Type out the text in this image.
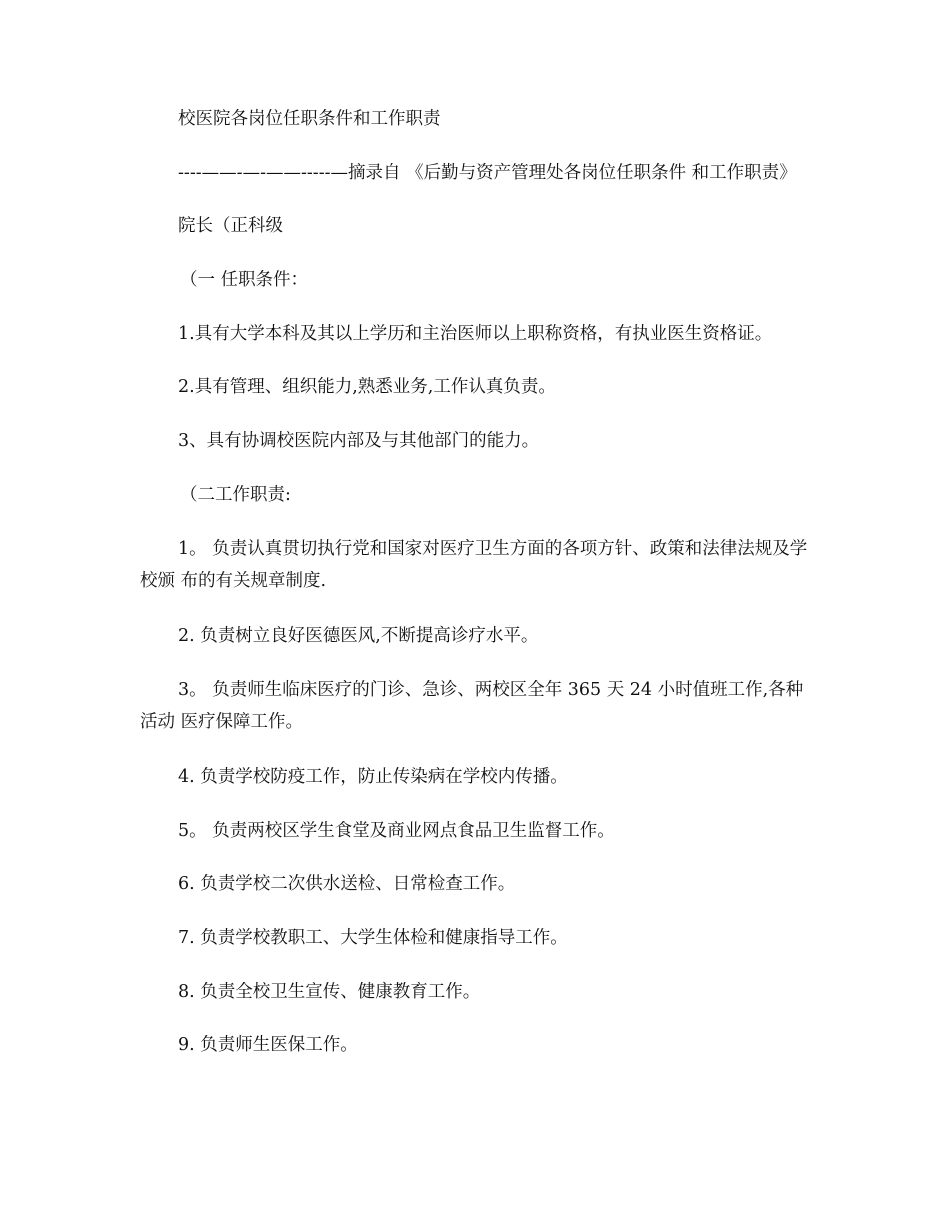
校医院各岗位任职条件和工作职责
----——-—-——-----—摘录自 《后勤与资产管理处各岗位任职条件 和工作职责》
院长（正科级
（一 任职条件：
1.具有大学本科及其以上学历和主治医师以上职称资格，有执业医生资格证。
2.具有管理、组织能力,熟悉业务,工作认真负责。
3、具有协调校医院内部及与其他部门的能力。
（二工作职责:

1。 负责认真贯切执行党和国家对医疗卫生方面的各项方针、政策和法律法规及学校颁 布的有关规章制度.

2. 负责树立良好医德医风,不断提高诊疗水平。

3。 负责师生临床医疗的门诊、急诊、两校区全年 365 天 24 小时值班工作,各种活动 医疗保障工作。

4. 负责学校防疫工作，防止传染病在学校内传播。
5。 负责两校区学生食堂及商业网点食品卫生监督工作。
6. 负责学校二次供水送检、日常检查工作。
7. 负责学校教职工、大学生体检和健康指导工作。
8. 负责全校卫生宣传、健康教育工作。
9. 负责师生医保工作。
